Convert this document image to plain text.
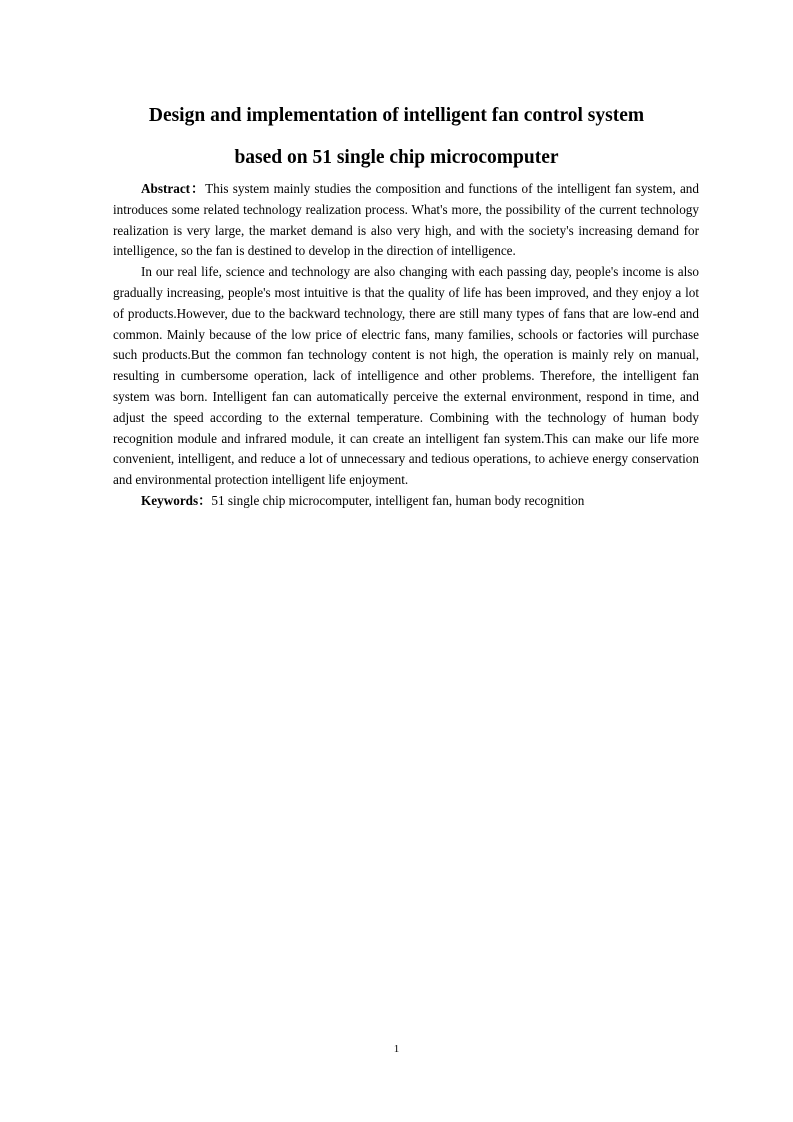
Design and implementation of intelligent fan control system
based on 51 single chip microcomputer

Abstract：This system mainly studies the composition and functions of the intelligent fan system, and introduces some related technology realization process. What's more, the possibility of the current technology realization is very large, the market demand is also very high, and with the society's increasing demand for intelligence, so the fan is destined to develop in the direction of intelligence.

In our real life, science and technology are also changing with each passing day, people's income is also gradually increasing, people's most intuitive is that the quality of life has been improved, and they enjoy a lot of products.However, due to the backward technology, there are still many types of fans that are low-end and common. Mainly because of the low price of electric fans, many families, schools or factories will purchase such products.But the common fan technology content is not high, the operation is mainly rely on manual, resulting in cumbersome operation, lack of intelligence and other problems. Therefore, the intelligent fan system was born. Intelligent fan can automatically perceive the external environment, respond in time, and adjust the speed according to the external temperature. Combining with the technology of human body recognition module and infrared module, it can create an intelligent fan system.This can make our life more convenient, intelligent, and reduce a lot of unnecessary and tedious operations, to achieve energy conservation and environmental protection intelligent life enjoyment.

Keywords：51 single chip microcomputer, intelligent fan, human body recognition

1
